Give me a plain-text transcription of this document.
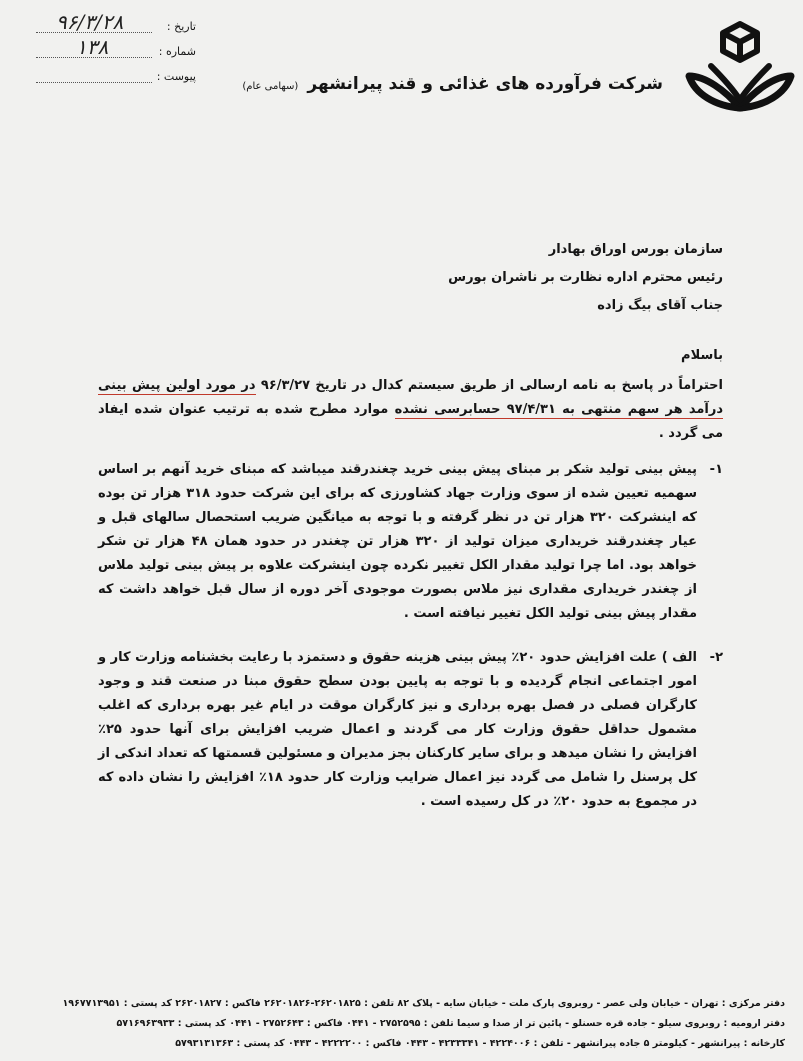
شرکت فرآورده های غذائی و قند پیرانشهر (سهامی عام)
تاریخ :
۹۶/۳/۲۸
شماره :
۱۳۸
پیوست :
سازمان بورس اوراق بهادار
رئیس محترم اداره نظارت بر ناشران بورس
جناب آقای بیگ زاده
باسلام

احتراماً در پاسخ به نامه ارسالی از طریق سیستم کدال در تاریخ ۹۶/۳/۲۷ در مورد اولین پیش بینی درآمد هر سهم منتهی به ۹۷/۴/۳۱ حسابرسی نشده موارد مطرح شده به ترتیب عنوان شده ایفاد می گردد .

۱-
پیش بینی تولید شکر بر مبنای پیش بینی خرید چغندرقند میباشد که مبنای خرید آنهم بر اساس سهمیه تعیین شده از سوی وزارت جهاد کشاورزی که برای این شرکت حدود ۳۱۸ هزار تن بوده که اینشرکت ۳۲۰ هزار تن در نظر گرفته و با توجه به میانگین ضریب استحصال سالهای قبل و عیار چغندرقند خریداری میزان تولید از ۳۲۰ هزار تن چغندر در حدود همان ۴۸ هزار تن شکر خواهد بود. اما چرا تولید مقدار الکل تغییر نکرده چون اینشرکت علاوه بر پیش بینی تولید ملاس از چغندر خریداری مقداری نیز ملاس بصورت موجودی آخر دوره از سال قبل خواهد داشت که مقدار پیش بینی تولید الکل تغییر نیافته است .
۲-
الف ) علت افزایش حدود ۲۰٪ پیش بینی هزینه حقوق و دستمزد با رعایت بخشنامه وزارت کار و امور اجتماعی انجام گردیده و با توجه به پایین بودن سطح حقوق مبنا در صنعت قند و وجود کارگران فصلی در فصل بهره برداری و نیز کارگران موقت در ایام غیر بهره برداری که اغلب مشمول حداقل حقوق وزارت کار می گردند و اعمال ضریب افزایش برای آنها حدود ۲۵٪ افزایش را نشان میدهد و برای سایر کارکنان بجز مدیران و مسئولین قسمتها که تعداد اندکی از کل پرسنل را شامل می گردد نیز اعمال ضرایب وزارت کار حدود ۱۸٪ افزایش را نشان داده که در مجموع به حدود ۲۰٪ در کل رسیده است .
دفتر مرکزی : تهران - خیابان ولی عصر - روبروی پارک ملت - خیابان سایه - پلاک ۸۲ تلفن : ۲۶۲۰۱۸۲۵-۲۶۲۰۱۸۲۶ فاکس : ۲۶۲۰۱۸۲۷ کد پستی : ۱۹۶۷۷۱۳۹۵۱
دفتر ارومیه : روبروی سیلو - جاده قره حسنلو - پائین تر از صدا و سیما تلفن : ۲۷۵۲۵۹۵ - ۰۴۴۱ فاکس : ۲۷۵۲۶۴۳ - ۰۴۴۱ کد پستی : ۵۷۱۶۹۶۳۹۳۳
کارخانه : پیرانشهر - کیلومتر ۵ جاده پیرانشهر - تلفن : ۴۲۲۴۰۰۶ - ۴۲۳۳۳۴۱ - ۰۴۴۳ فاکس : ۴۲۲۲۲۰۰ - ۰۴۴۳ کد پستی : ۵۷۹۳۱۳۱۳۶۳
